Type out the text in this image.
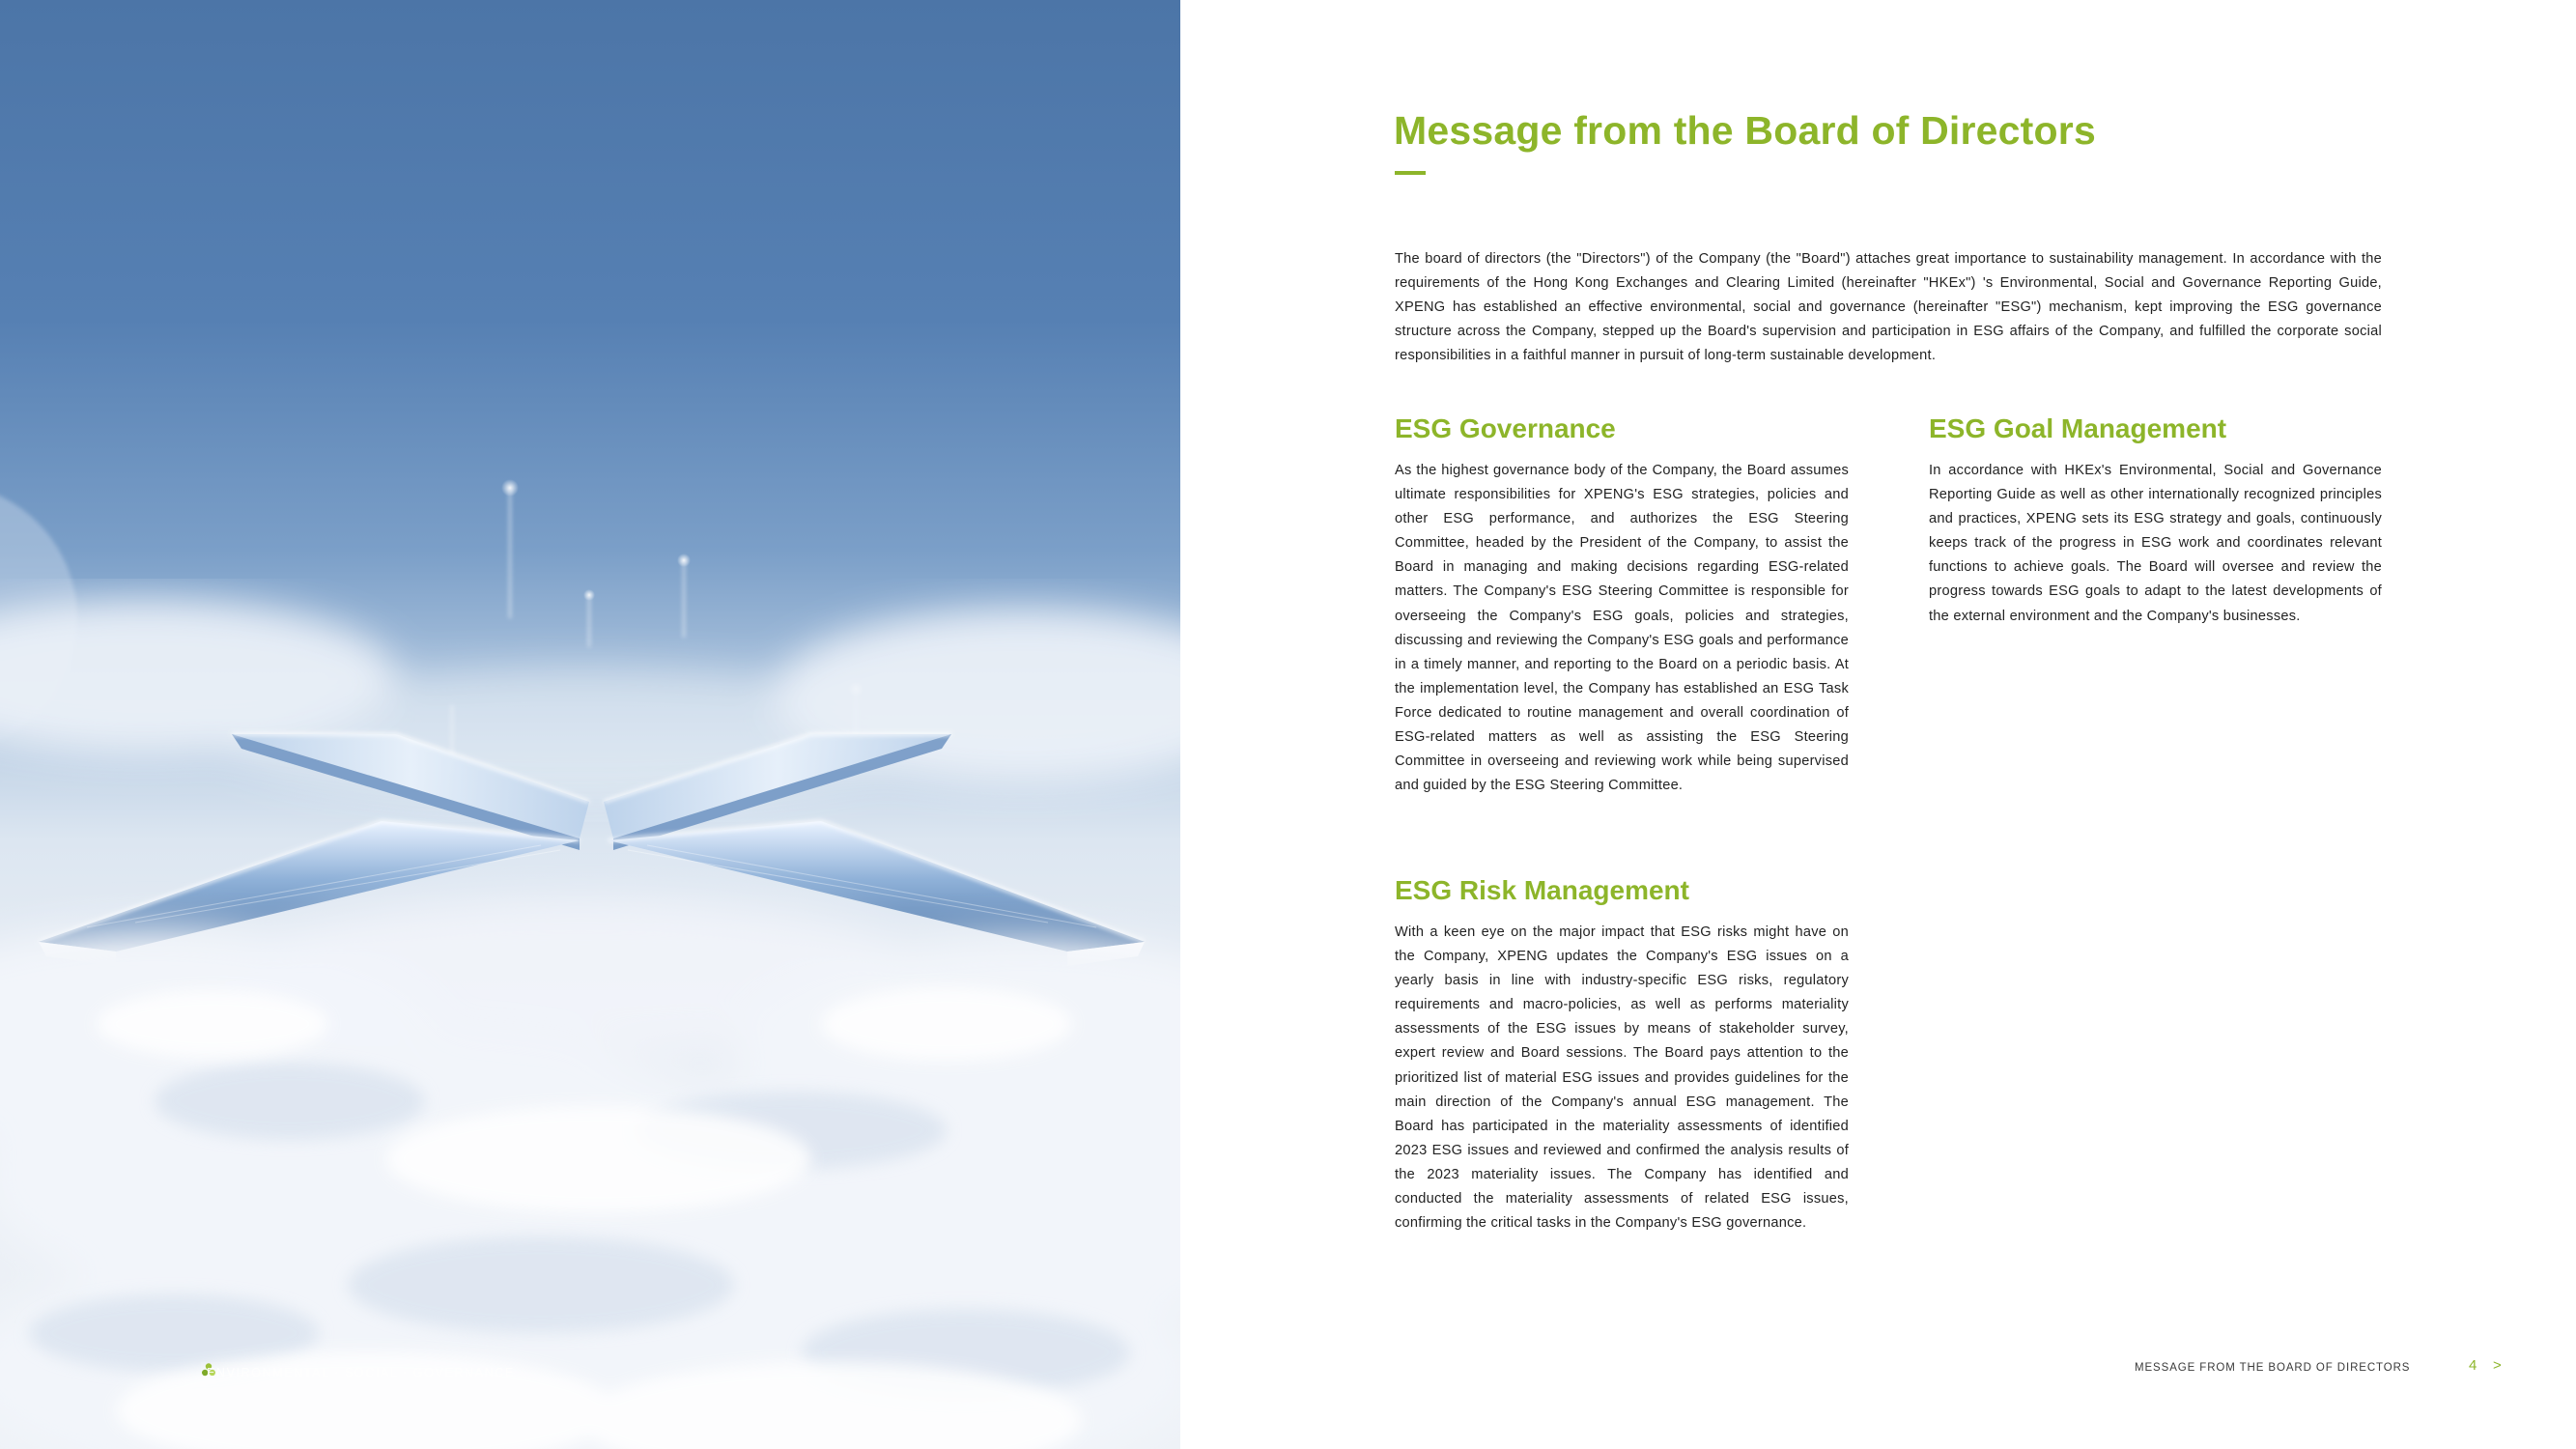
ENVIRONMENTAL · SOCIAL · GOVERNANCE
Message from the Board of Directors

The board of directors (the "Directors") of the Company (the "Board") attaches great importance to sustainability management. In accordance with the requirements of the Hong Kong Exchanges and Clearing Limited (hereinafter "HKEx") 's Environmental, Social and Governance Reporting Guide, XPENG has established an effective environmental, social and governance (hereinafter "ESG") mechanism, kept improving the ESG governance structure across the Company, stepped up the Board's supervision and participation in ESG affairs of the Company, and fulfilled the corporate social responsibilities in a faithful manner in pursuit of long-term sustainable development.

ESG Governance

As the highest governance body of the Company, the Board assumes ultimate responsibilities for XPENG's ESG strategies, policies and other ESG performance, and authorizes the ESG Steering Committee, headed by the President of the Company, to assist the Board in managing and making decisions regarding ESG-related matters. The Company's ESG Steering Committee is responsible for overseeing the Company's ESG goals, policies and strategies, discussing and reviewing the Company's ESG goals and performance in a timely manner, and reporting to the Board on a periodic basis. At the implementation level, the Company has established an ESG Task Force dedicated to routine management and overall coordination of ESG-related matters as well as assisting the ESG Steering Committee in overseeing and reviewing work while being supervised and guided by the ESG Steering Committee.

ESG Goal Management

In accordance with HKEx's Environmental, Social and Governance Reporting Guide as well as other internationally recognized principles and practices, XPENG sets its ESG strategy and goals, continuously keeps track of the progress in ESG work and coordinates relevant functions to achieve goals. The Board will oversee and review the progress towards ESG goals to adapt to the latest developments of the external environment and the Company's businesses.

ESG Risk Management

With a keen eye on the major impact that ESG risks might have on the Company, XPENG updates the Company's ESG issues on a yearly basis in line with industry-specific ESG risks, regulatory requirements and macro-policies, as well as performs materiality assessments of the ESG issues by means of stakeholder survey, expert review and Board sessions. The Board pays attention to the prioritized list of material ESG issues and provides guidelines for the main direction of the Company's annual ESG management. The Board has participated in the materiality assessments of identified 2023 ESG issues and reviewed and confirmed the analysis results of the 2023 materiality issues. The Company has identified and conducted the materiality assessments of related ESG issues, confirming the critical tasks in the Company's ESG governance.

MESSAGE FROM THE BOARD OF DIRECTORS	4 >
